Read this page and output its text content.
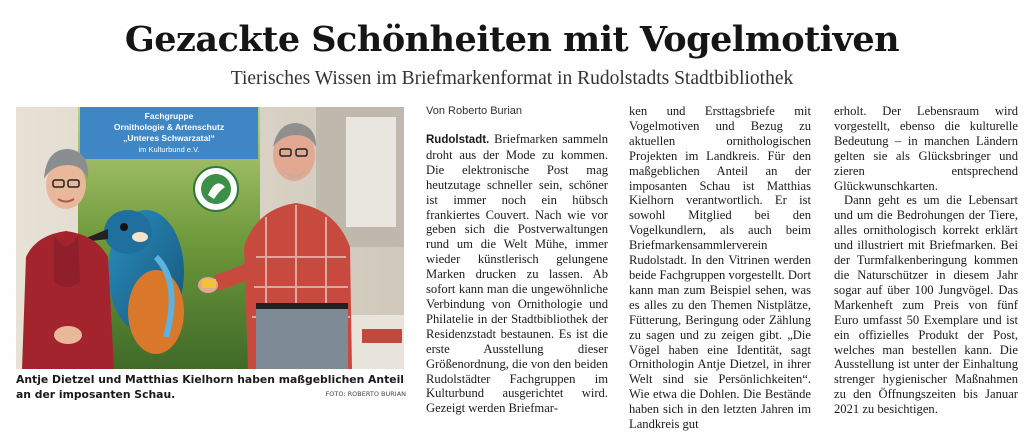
Gezackte Schönheiten mit Vogelmotiven
Tierisches Wissen im Briefmarkenformat in Rudolstadts Stadtbibliothek
Fachgruppe
Ornithologie & Artenschutz
„Unteres Schwarzatal“
im Kulturbund e.V.
Antje Dietzel und Matthias Kielhorn haben maßgeblichen Anteil an der imposanten Schau.	FOTO: ROBERTO BURIAN
Von Roberto Burian

Rudolstadt. Briefmarken sammeln droht aus der Mode zu kommen. Die elektronische Post mag heutzutage schneller sein, schöner ist immer noch ein hübsch frankiertes Couvert. Nach wie vor geben sich die Postverwaltungen rund um die Welt Mühe, immer wieder künstlerisch gelungene Marken drucken zu lassen. Ab sofort kann man die ungewöhnliche Verbindung von Ornithologie und Philatelie in der Stadtbibliothek der Residenzstadt bestaunen. Es ist die erste Ausstellung dieser Größenordnung, die von den beiden Rudolstädter Fachgruppen im Kulturbund ausgerichtet wird. Gezeigt werden Briefmar-

ken und Ersttagsbriefe mit Vogelmotiven und Bezug zu aktuellen ornithologischen Projekten im Landkreis. Für den maßgeblichen Anteil an der imposanten Schau ist Matthias Kielhorn verantwortlich. Er ist sowohl Mitglied bei den Vogelkundlern, als auch beim Briefmarkensammlerverein Rudolstadt. In den Vitrinen werden beide Fachgruppen vorgestellt. Dort kann man zum Beispiel sehen, was es alles zu den Themen Nistplätze, Fütterung, Beringung oder Zählung zu sagen und zu zeigen gibt. „Die Vögel haben eine Identität, sagt Ornithologin Antje Dietzel, in ihrer Welt sind sie Persönlichkeiten“. Wie etwa die Dohlen. Die Bestände haben sich in den letzten Jahren im Landkreis gut

erholt. Der Lebensraum wird vorgestellt, ebenso die kulturelle Bedeutung – in manchen Ländern gelten sie als Glücksbringer und zieren entsprechend Glückwunschkarten.

Dann geht es um die Lebensart und um die Bedrohungen der Tiere, alles ornithologisch korrekt erklärt und illustriert mit Briefmarken. Bei der Turmfalkenberingung kommen die Naturschützer in diesem Jahr sogar auf über 100 Jungvögel. Das Markenheft zum Preis von fünf Euro umfasst 50 Exemplare und ist ein offizielles Produkt der Post, welches man bestellen kann. Die Ausstellung ist unter der Einhaltung strenger hygienischer Maßnahmen zu den Öffnungszeiten bis Januar 2021 zu besichtigen.
